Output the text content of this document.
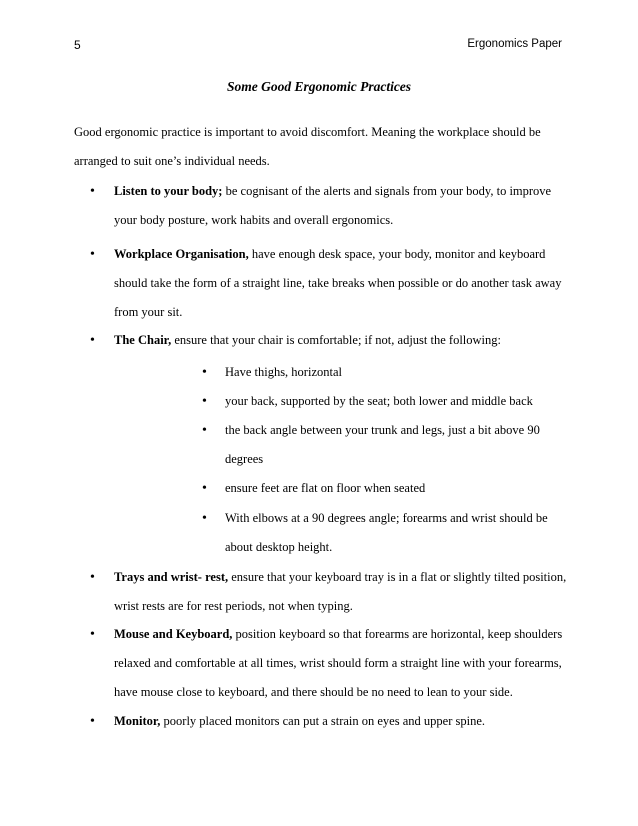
5	Ergonomics Paper
Some Good Ergonomic Practices
Good ergonomic practice is important to avoid discomfort. Meaning the workplace should be arranged to suit one’s individual needs.
• Listen to your body; be cognisant of the alerts and signals from your body, to improve your body posture, work habits and overall ergonomics.
• Workplace Organisation, have enough desk space, your body, monitor and keyboard should take the form of a straight line, take breaks when possible or do another task away from your sit.
• The Chair, ensure that your chair is comfortable; if not, adjust the following:
• Have thighs, horizontal
• your back, supported by the seat; both lower and middle back
• the back angle between your trunk and legs, just a bit above 90 degrees
• ensure feet are flat on floor when seated
• With elbows at a 90 degrees angle; forearms and wrist should be about desktop height.
• Trays and wrist- rest, ensure that your keyboard tray is in a flat or slightly tilted position, wrist rests are for rest periods, not when typing.
• Mouse and Keyboard, position keyboard so that forearms are horizontal, keep shoulders relaxed and comfortable at all times, wrist should form a straight line with your forearms, have mouse close to keyboard, and there should be no need to lean to your side.
• Monitor, poorly placed monitors can put a strain on eyes and upper spine.
